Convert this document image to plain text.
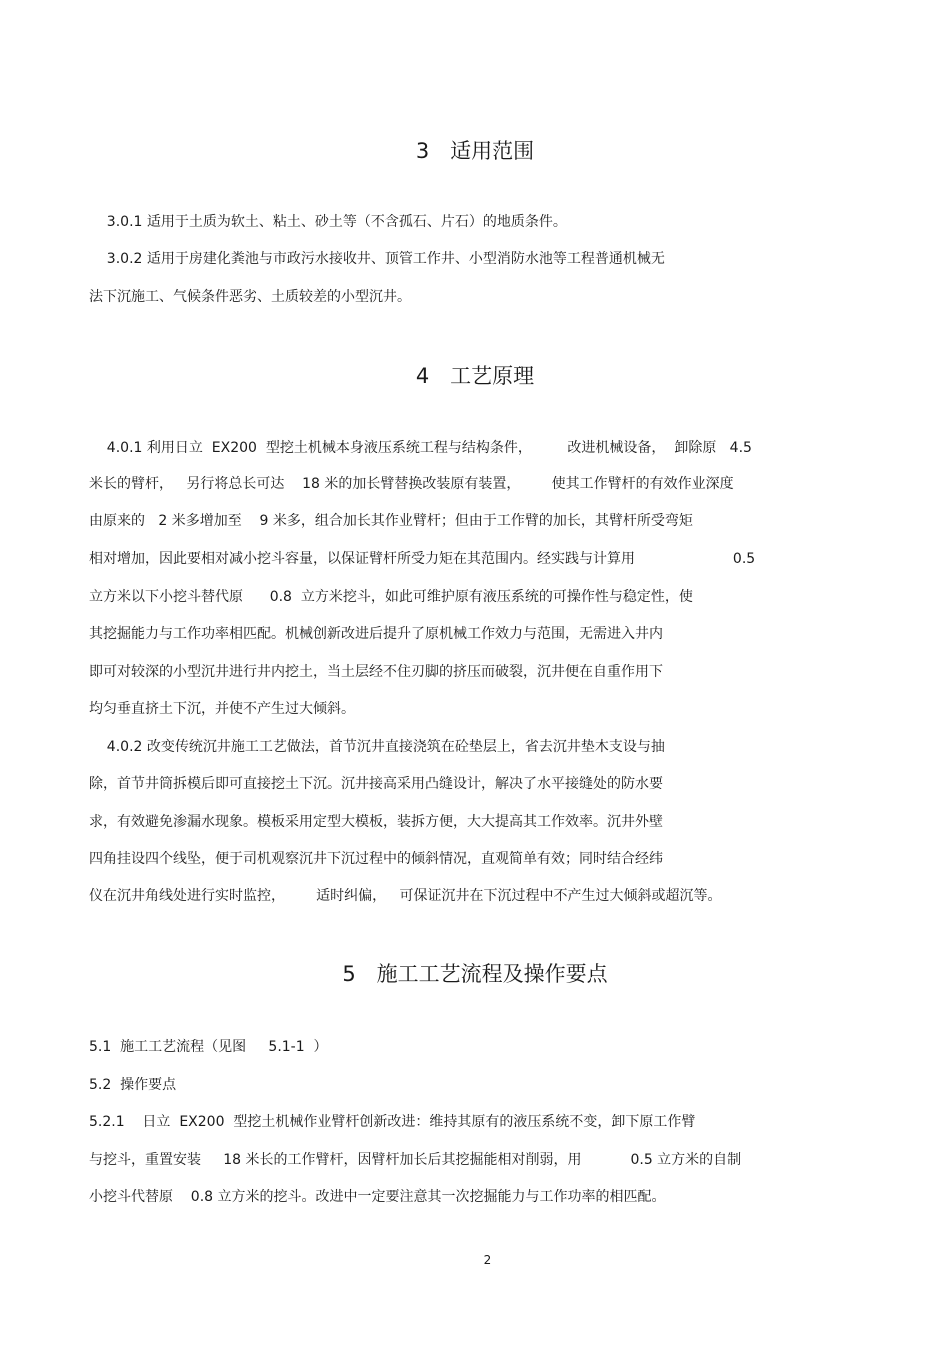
3　适用范围
3.0.1 适用于土质为软土、粘土、砂土等（不含孤石、片石）的地质条件。
3.0.2 适用于房建化粪池与市政污水接收井、顶管工作井、小型消防水池等工程普通机械无
法下沉施工、气候条件恶劣、土质较差的小型沉井。
4　工艺原理
4.0.1 利用日立  EX200  型挖土机械本身液压系统工程与结构条件，        改进机械设备，  卸除原   4.5
米长的臂杆，   另行将总长可达    18 米的加长臂替换改装原有装置，       使其工作臂杆的有效作业深度
由原来的   2 米多增加至    9 米多，组合加长其作业臂杆；但由于工作臂的加长，其臂杆所受弯矩
相对增加，因此要相对减小挖斗容量，以保证臂杆所受力矩在其范围内。经实践与计算用                      0.5
立方米以下小挖斗替代原      0.8  立方米挖斗，如此可维护原有液压系统的可操作性与稳定性，使
其挖掘能力与工作功率相匹配。机械创新改进后提升了原机械工作效力与范围，无需进入井内
即可对较深的小型沉井进行井内挖土，当土层经不住刃脚的挤压而破裂，沉井便在自重作用下
均匀垂直挤土下沉，并使不产生过大倾斜。
4.0.2 改变传统沉井施工工艺做法，首节沉井直接浇筑在砼垫层上，省去沉井垫木支设与抽
除，首节井筒拆模后即可直接挖土下沉。沉井接高采用凸缝设计，解决了水平接缝处的防水要
求，有效避免渗漏水现象。模板采用定型大模板，装拆方便，大大提高其工作效率。沉井外壁
四角挂设四个线坠，便于司机观察沉井下沉过程中的倾斜情况，直观简单有效；同时结合经纬
仪在沉井角线处进行实时监控，       适时纠偏，   可保证沉井在下沉过程中不产生过大倾斜或超沉等。
5　施工工艺流程及操作要点
5.1  施工工艺流程（见图     5.1-1  ）
5.2  操作要点
5.2.1    日立  EX200  型挖土机械作业臂杆创新改进：维持其原有的液压系统不变，卸下原工作臂
与挖斗，重置安装     18 米长的工作臂杆，因臂杆加长后其挖掘能相对削弱，用           0.5 立方米的自制
小挖斗代替原    0.8 立方米的挖斗。改进中一定要注意其一次挖掘能力与工作功率的相匹配。
2
